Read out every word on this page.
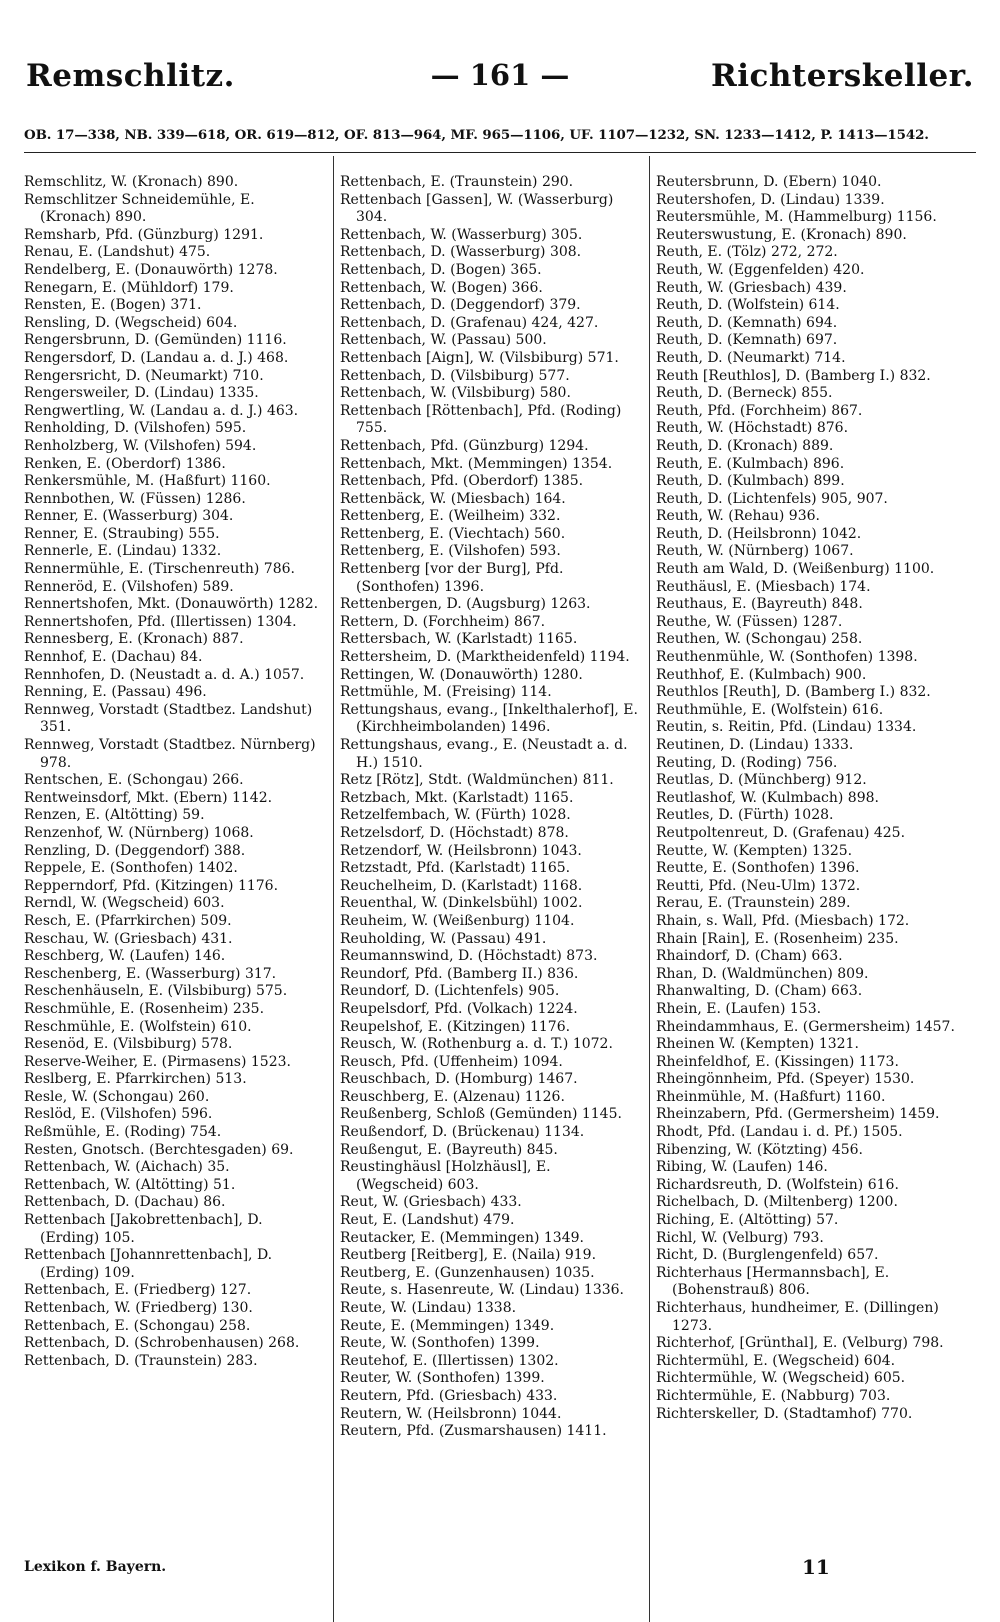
Remschlitz.	— 161 —	Richterskeller.
OB. 17—338, NB. 339—618, OR. 619—812, OF. 813—964, MF. 965—1106, UF. 1107—1232, SN. 1233—1412, P. 1413—1542.

Remschlitz, W. (Kronach) 890.

Remschlitzer Schneidemühle, E. (Kronach) 890.

Remsharb, Pfd. (Günzburg) 1291.

Renau, E. (Landshut) 475.

Rendelberg, E. (Donauwörth) 1278.

Renegarn, E. (Mühldorf) 179.

Rensten, E. (Bogen) 371.

Rensling, D. (Wegscheid) 604.

Rengersbrunn, D. (Gemünden) 1116.

Rengersdorf, D. (Landau a. d. J.) 468.

Rengersricht, D. (Neumarkt) 710.

Rengersweiler, D. (Lindau) 1335.

Rengwertling, W. (Landau a. d. J.) 463.

Renholding, D. (Vilshofen) 595.

Renholzberg, W. (Vilshofen) 594.

Renken, E. (Oberdorf) 1386.

Renkersmühle, M. (Haßfurt) 1160.

Rennbothen, W. (Füssen) 1286.

Renner, E. (Wasserburg) 304.

Renner, E. (Straubing) 555.

Rennerle, E. (Lindau) 1332.

Rennermühle, E. (Tirschenreuth) 786.

Renneröd, E. (Vilshofen) 589.

Rennertshofen, Mkt. (Donauwörth) 1282.

Rennertshofen, Pfd. (Illertissen) 1304.

Rennesberg, E. (Kronach) 887.

Rennhof, E. (Dachau) 84.

Rennhofen, D. (Neustadt a. d. A.) 1057.

Renning, E. (Passau) 496.

Rennweg, Vorstadt (Stadtbez. Landshut) 351.

Rennweg, Vorstadt (Stadtbez. Nürnberg) 978.

Rentschen, E. (Schongau) 266.

Rentweinsdorf, Mkt. (Ebern) 1142.

Renzen, E. (Altötting) 59.

Renzenhof, W. (Nürnberg) 1068.

Renzling, D. (Deggendorf) 388.

Reppele, E. (Sonthofen) 1402.

Repperndorf, Pfd. (Kitzingen) 1176.

Rerndl, W. (Wegscheid) 603.

Resch, E. (Pfarrkirchen) 509.

Reschau, W. (Griesbach) 431.

Reschberg, W. (Laufen) 146.

Reschenberg, E. (Wasserburg) 317.

Reschenhäuseln, E. (Vilsbiburg) 575.

Reschmühle, E. (Rosenheim) 235.

Reschmühle, E. (Wolfstein) 610.

Resenöd, E. (Vilsbiburg) 578.

Reserve-Weiher, E. (Pirmasens) 1523.

Reslberg, E. Pfarrkirchen) 513.

Resle, W. (Schongau) 260.

Reslöd, E. (Vilshofen) 596.

Reßmühle, E. (Roding) 754.

Resten, Gnotsch. (Berchtesgaden) 69.

Rettenbach, W. (Aichach) 35.

Rettenbach, W. (Altötting) 51.

Rettenbach, D. (Dachau) 86.

Rettenbach [Jakobrettenbach], D. (Erding) 105.

Rettenbach [Johannrettenbach], D. (Erding) 109.

Rettenbach, E. (Friedberg) 127.

Rettenbach, W. (Friedberg) 130.

Rettenbach, E. (Schongau) 258.

Rettenbach, D. (Schrobenhausen) 268.

Rettenbach, D. (Traunstein) 283.

Rettenbach, E. (Traunstein) 290.

Rettenbach [Gassen], W. (Wasserburg) 304.

Rettenbach, W. (Wasserburg) 305.

Rettenbach, D. (Wasserburg) 308.

Rettenbach, D. (Bogen) 365.

Rettenbach, W. (Bogen) 366.

Rettenbach, D. (Deggendorf) 379.

Rettenbach, D. (Grafenau) 424, 427.

Rettenbach, W. (Passau) 500.

Rettenbach [Aign], W. (Vilsbiburg) 571.

Rettenbach, D. (Vilsbiburg) 577.

Rettenbach, W. (Vilsbiburg) 580.

Rettenbach [Röttenbach], Pfd. (Roding) 755.

Rettenbach, Pfd. (Günzburg) 1294.

Rettenbach, Mkt. (Memmingen) 1354.

Rettenbach, Pfd. (Oberdorf) 1385.

Rettenbäck, W. (Miesbach) 164.

Rettenberg, E. (Weilheim) 332.

Rettenberg, E. (Viechtach) 560.

Rettenberg, E. (Vilshofen) 593.

Rettenberg [vor der Burg], Pfd. (Sonthofen) 1396.

Rettenbergen, D. (Augsburg) 1263.

Rettern, D. (Forchheim) 867.

Rettersbach, W. (Karlstadt) 1165.

Rettersheim, D. (Marktheidenfeld) 1194.

Rettingen, W. (Donauwörth) 1280.

Rettmühle, M. (Freising) 114.

Rettungshaus, evang., [Inkelthalerhof], E. (Kirchheimbolanden) 1496.

Rettungshaus, evang., E. (Neustadt a. d. H.) 1510.

Retz [Rötz], Stdt. (Waldmünchen) 811.

Retzbach, Mkt. (Karlstadt) 1165.

Retzelfembach, W. (Fürth) 1028.

Retzelsdorf, D. (Höchstadt) 878.

Retzendorf, W. (Heilsbronn) 1043.

Retzstadt, Pfd. (Karlstadt) 1165.

Reuchelheim, D. (Karlstadt) 1168.

Reuenthal, W. (Dinkelsbühl) 1002.

Reuheim, W. (Weißenburg) 1104.

Reuholding, W. (Passau) 491.

Reumannswind, D. (Höchstadt) 873.

Reundorf, Pfd. (Bamberg II.) 836.

Reundorf, D. (Lichtenfels) 905.

Reupelsdorf, Pfd. (Volkach) 1224.

Reupelshof, E. (Kitzingen) 1176.

Reusch, W. (Rothenburg a. d. T.) 1072.

Reusch, Pfd. (Uffenheim) 1094.

Reuschbach, D. (Homburg) 1467.

Reuschberg, E. (Alzenau) 1126.

Reußenberg, Schloß (Gemünden) 1145.

Reußendorf, D. (Brückenau) 1134.

Reußengut, E. (Bayreuth) 845.

Reustinghäusl [Holzhäusl], E. (Wegscheid) 603.

Reut, W. (Griesbach) 433.

Reut, E. (Landshut) 479.

Reutacker, E. (Memmingen) 1349.

Reutberg [Reitberg], E. (Naila) 919.

Reutberg, E. (Gunzenhausen) 1035.

Reute, s. Hasenreute, W. (Lindau) 1336.

Reute, W. (Lindau) 1338.

Reute, E. (Memmingen) 1349.

Reute, W. (Sonthofen) 1399.

Reutehof, E. (Illertissen) 1302.

Reuter, W. (Sonthofen) 1399.

Reutern, Pfd. (Griesbach) 433.

Reutern, W. (Heilsbronn) 1044.

Reutern, Pfd. (Zusmarshausen) 1411.

Reutersbrunn, D. (Ebern) 1040.

Reutershofen, D. (Lindau) 1339.

Reutersmühle, M. (Hammelburg) 1156.

Reuterswustung, E. (Kronach) 890.

Reuth, E. (Tölz) 272, 272.

Reuth, W. (Eggenfelden) 420.

Reuth, W. (Griesbach) 439.

Reuth, D. (Wolfstein) 614.

Reuth, D. (Kemnath) 694.

Reuth, D. (Kemnath) 697.

Reuth, D. (Neumarkt) 714.

Reuth [Reuthlos], D. (Bamberg I.) 832.

Reuth, D. (Berneck) 855.

Reuth, Pfd. (Forchheim) 867.

Reuth, W. (Höchstadt) 876.

Reuth, D. (Kronach) 889.

Reuth, E. (Kulmbach) 896.

Reuth, D. (Kulmbach) 899.

Reuth, D. (Lichtenfels) 905, 907.

Reuth, W. (Rehau) 936.

Reuth, D. (Heilsbronn) 1042.

Reuth, W. (Nürnberg) 1067.

Reuth am Wald, D. (Weißenburg) 1100.

Reuthäusl, E. (Miesbach) 174.

Reuthaus, E. (Bayreuth) 848.

Reuthe, W. (Füssen) 1287.

Reuthen, W. (Schongau) 258.

Reuthenmühle, W. (Sonthofen) 1398.

Reuthhof, E. (Kulmbach) 900.

Reuthlos [Reuth], D. (Bamberg I.) 832.

Reuthmühle, E. (Wolfstein) 616.

Reutin, s. Reitin, Pfd. (Lindau) 1334.

Reutinen, D. (Lindau) 1333.

Reuting, D. (Roding) 756.

Reutlas, D. (Münchberg) 912.

Reutlashof, W. (Kulmbach) 898.

Reutles, D. (Fürth) 1028.

Reutpoltenreut, D. (Grafenau) 425.

Reutte, W. (Kempten) 1325.

Reutte, E. (Sonthofen) 1396.

Reutti, Pfd. (Neu-Ulm) 1372.

Rerau, E. (Traunstein) 289.

Rhain, s. Wall, Pfd. (Miesbach) 172.

Rhain [Rain], E. (Rosenheim) 235.

Rhaindorf, D. (Cham) 663.

Rhan, D. (Waldmünchen) 809.

Rhanwalting, D. (Cham) 663.

Rhein, E. (Laufen) 153.

Rheindammhaus, E. (Germersheim) 1457.

Rheinen W. (Kempten) 1321.

Rheinfeldhof, E. (Kissingen) 1173.

Rheingönnheim, Pfd. (Speyer) 1530.

Rheinmühle, M. (Haßfurt) 1160.

Rheinzabern, Pfd. (Germersheim) 1459.

Rhodt, Pfd. (Landau i. d. Pf.) 1505.

Ribenzing, W. (Kötzting) 456.

Ribing, W. (Laufen) 146.

Richardsreuth, D. (Wolfstein) 616.

Richelbach, D. (Miltenberg) 1200.

Riching, E. (Altötting) 57.

Richl, W. (Velburg) 793.

Richt, D. (Burglengenfeld) 657.

Richterhaus [Hermannsbach], E. (Bohenstrauß) 806.

Richterhaus, hundheimer, E. (Dillingen) 1273.

Richterhof, [Grünthal], E. (Velburg) 798.

Richtermühl, E. (Wegscheid) 604.

Richtermühle, W. (Wegscheid) 605.

Richtermühle, E. (Nabburg) 703.

Richterskeller, D. (Stadtamhof) 770.

Lexikon f. Bayern.	11
